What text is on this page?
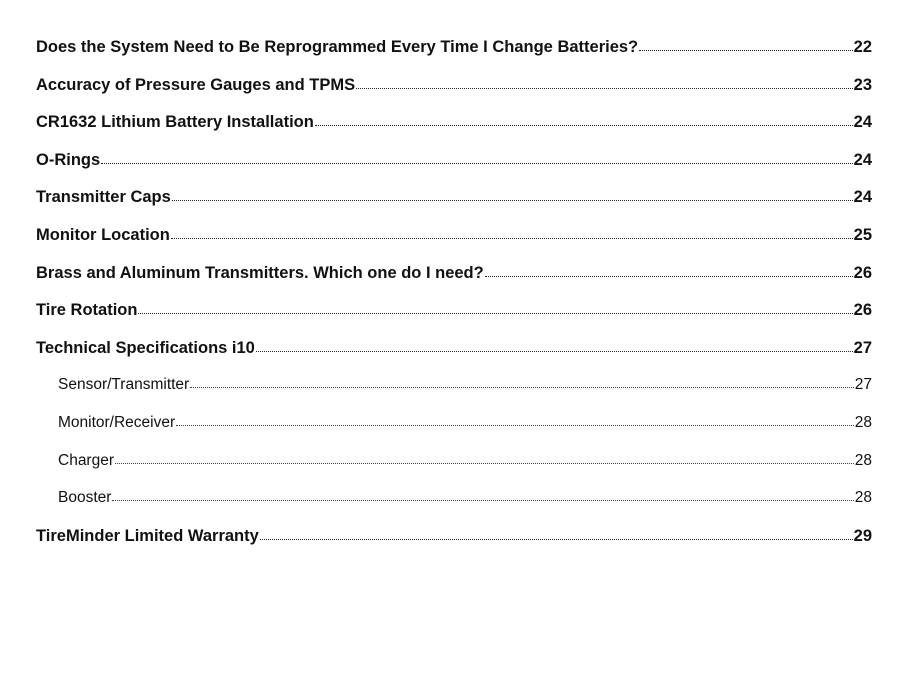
Does the System Need to Be Reprogrammed Every Time I Change Batteries?	22
Accuracy of Pressure Gauges and TPMS	23
CR1632 Lithium Battery Installation	24
O-Rings	24
Transmitter Caps	24
Monitor Location	25
Brass and Aluminum Transmitters. Which one do I need?	26
Tire Rotation	26
Technical Specifications i10	27
Sensor/Transmitter	27
Monitor/Receiver	28
Charger	28
Booster	28
TireMinder Limited Warranty	29
